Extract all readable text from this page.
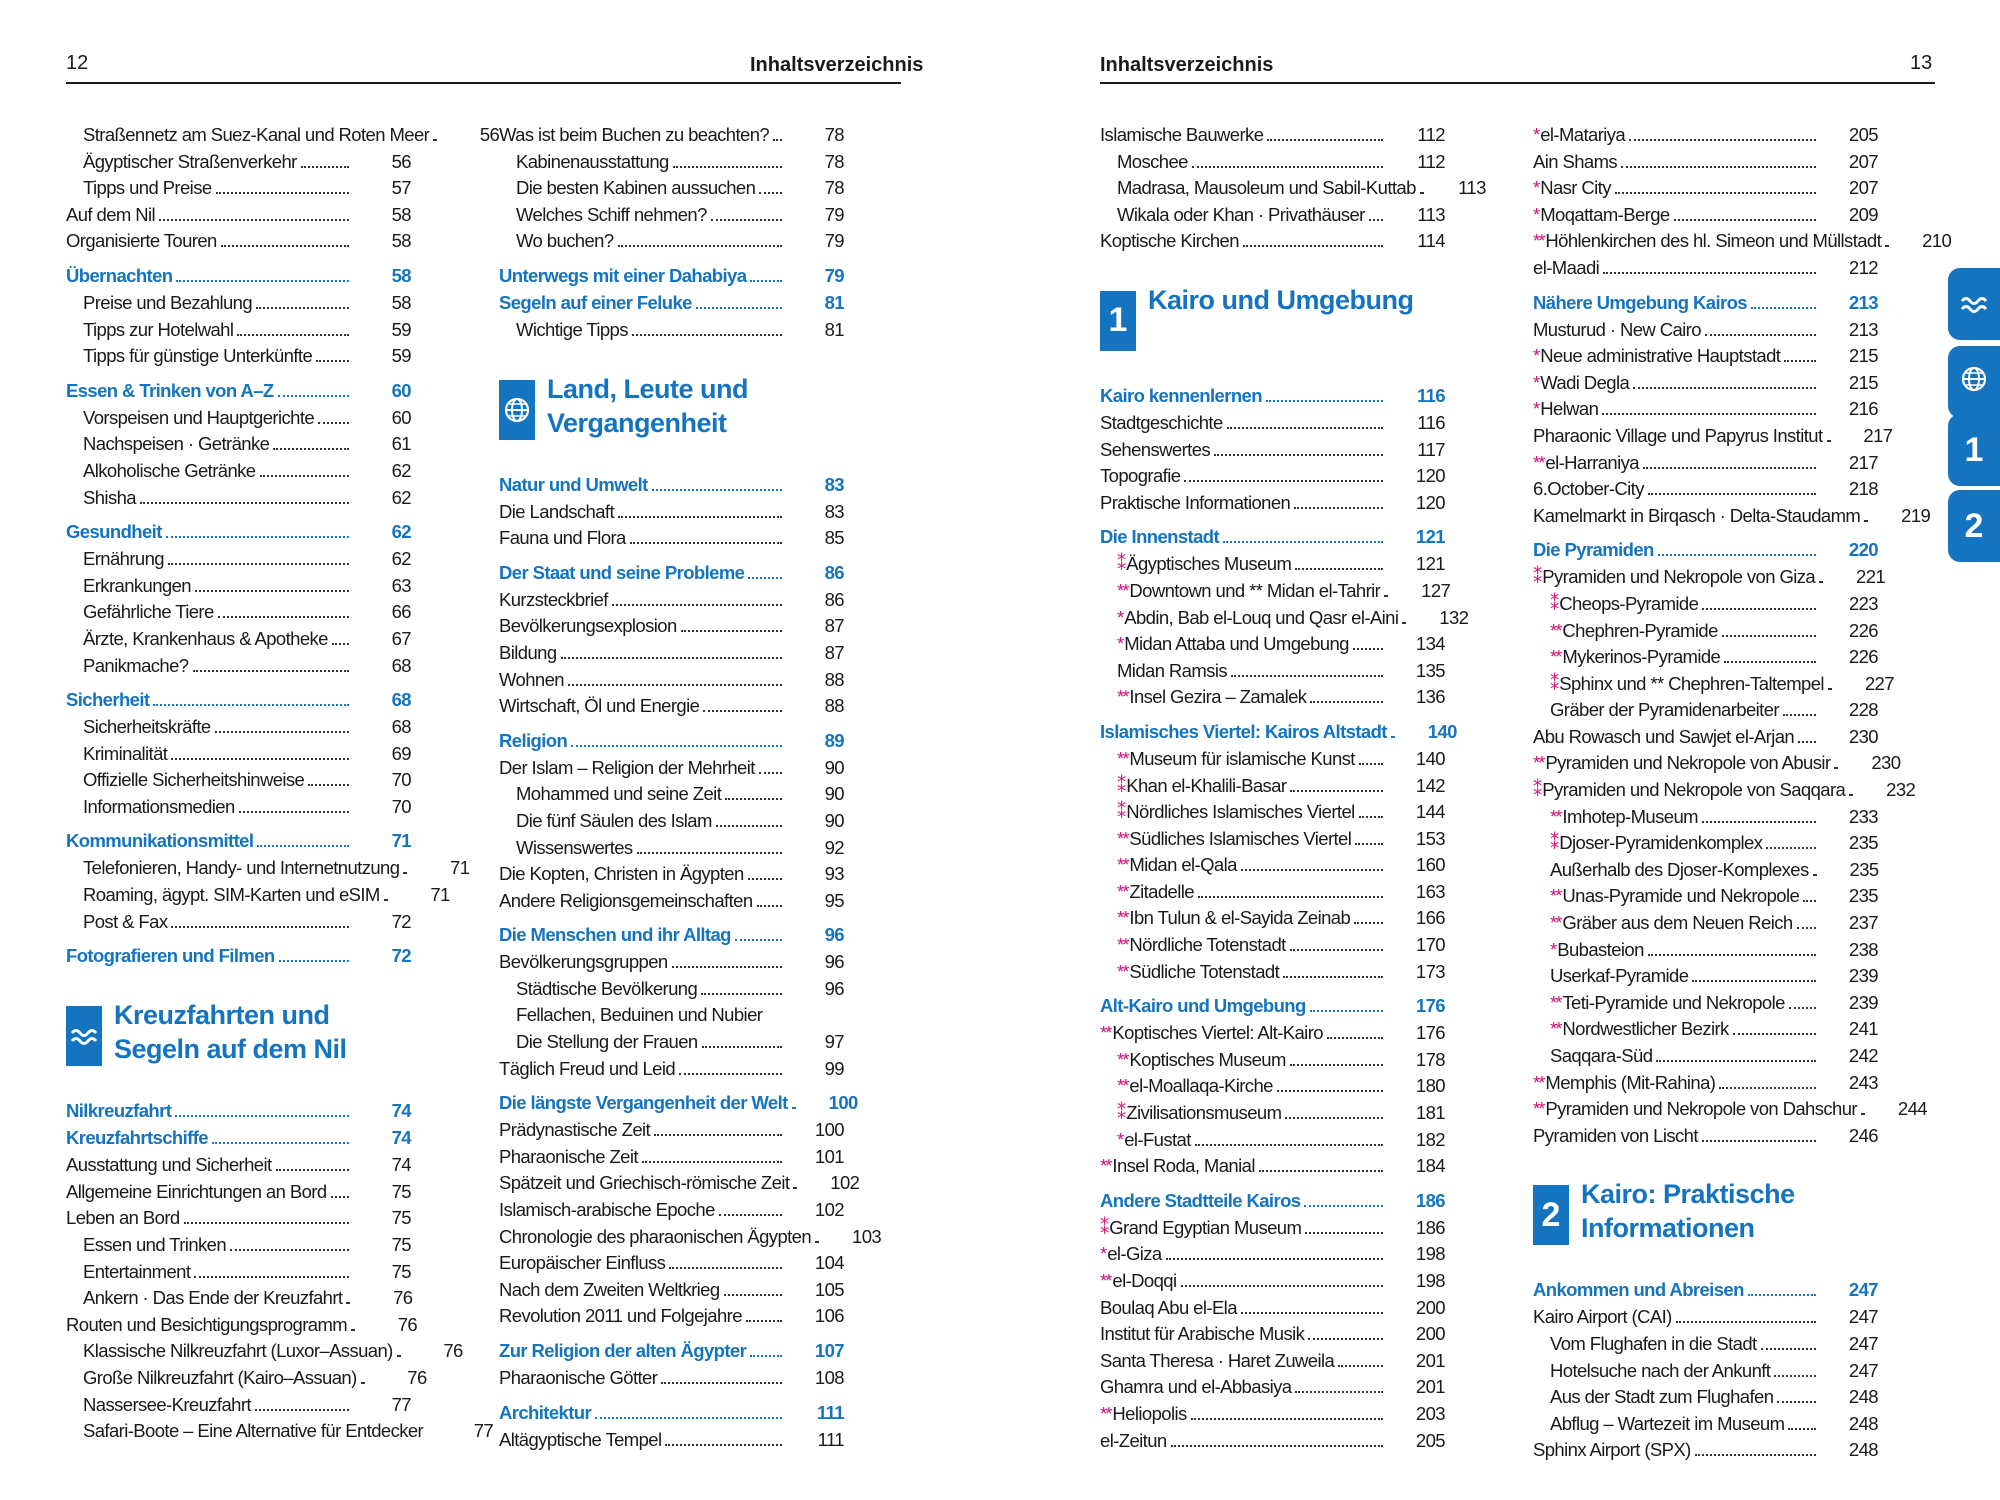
12	Inhaltsverzeichnis	Inhaltsverzeichnis	13
Straßennetz am Suez-Kanal und Roten Meer	56
Ägyptischer Straßenverkehr	56
Tipps und Preise	57
Auf dem Nil	58
Organisierte Touren	58
Übernachten	58
Preise und Bezahlung	58
Tipps zur Hotelwahl	59
Tipps für günstige Unterkünfte	59
Essen & Trinken von A–Z	60
Vorspeisen und Hauptgerichte	60
Nachspeisen · Getränke	61
Alkoholische Getränke	62
Shisha	62
Gesundheit	62
Ernährung	62
Erkrankungen	63
Gefährliche Tiere	66
Ärzte, Krankenhaus & Apotheke	67
Panikmache?	68
Sicherheit	68
Sicherheitskräfte	68
Kriminalität	69
Offizielle Sicherheitshinweise	70
Informationsmedien	70
Kommunikationsmittel	71
Telefonieren, Handy- und Internetnutzung	71
Roaming, ägypt. SIM-Karten und eSIM	71
Post & Fax	72
Fotografieren und Filmen	72
Kreuzfahrten und Segeln auf dem Nil
Nilkreuzfahrt	74
Kreuzfahrtschiffe	74
Ausstattung und Sicherheit	74
Allgemeine Einrichtungen an Bord	75
Leben an Bord	75
Essen und Trinken	75
Entertainment	75
Ankern · Das Ende der Kreuzfahrt	76
Routen und Besichtigungsprogramm	76
Klassische Nilkreuzfahrt (Luxor–Assuan)	76
Große Nilkreuzfahrt (Kairo–Assuan)	76
Nassersee-Kreuzfahrt	77
Safari-Boote – Eine Alternative für Entdecker	77
Was ist beim Buchen zu beachten?	78
Kabinenausstattung	78
Die besten Kabinen aussuchen	78
Welches Schiff nehmen?	79
Wo buchen?	79
Unterwegs mit einer Dahabiya	79
Segeln auf einer Feluke	81
Wichtige Tipps	81
Land, Leute und Vergangenheit
Natur und Umwelt	83
Die Landschaft	83
Fauna und Flora	85
Der Staat und seine Probleme	86
Kurzsteckbrief	86
Bevölkerungsexplosion	87
Bildung	87
Wohnen	88
Wirtschaft, Öl und Energie	88
Religion	89
Der Islam – Religion der Mehrheit	90
Mohammed und seine Zeit	90
Die fünf Säulen des Islam	90
Wissenswertes	92
Die Kopten, Christen in Ägypten	93
Andere Religionsgemeinschaften	95
Die Menschen und ihr Alltag	96
Bevölkerungsgruppen	96
Städtische Bevölkerung	96
Fellachen, Beduinen und Nubier
Die Stellung der Frauen	97
Täglich Freud und Leid	99
Die längste Vergangenheit der Welt	100
Prädynastische Zeit	100
Pharaonische Zeit	101
Spätzeit und Griechisch-römische Zeit	102
Islamisch-arabische Epoche	102
Chronologie des pharaonischen Ägypten	103
Europäischer Einfluss	104
Nach dem Zweiten Weltkrieg	105
Revolution 2011 und Folgejahre	106
Zur Religion der alten Ägypter	107
Pharaonische Götter	108
Architektur	111
Altägyptische Tempel	111
Islamische Bauwerke	112
Moschee	112
Madrasa, Mausoleum und Sabil-Kuttab	113
Wikala oder Khan · Privathäuser	113
Koptische Kirchen	114
1
Kairo und Umgebung
Kairo kennenlernen	116
Stadtgeschichte	116
Sehenswertes	117
Topografie	120
Praktische Informationen	120
Die Innenstadt	121
⁑ Ägyptisches Museum	121
** Downtown und ** Midan el-Tahrir	127
* Abdin, Bab el-Louq und Qasr el-Aini	132
* Midan Attaba und Umgebung	134
Midan Ramsis	135
** Insel Gezira – Zamalek	136
Islamisches Viertel: Kairos Altstadt	140
** Museum für islamische Kunst	140
⁑ Khan el-Khalili-Basar	142
⁑ Nördliches Islamisches Viertel	144
** Südliches Islamisches Viertel	153
** Midan el-Qala	160
** Zitadelle	163
** Ibn Tulun & el-Sayida Zeinab	166
** Nördliche Totenstadt	170
** Südliche Totenstadt	173
Alt-Kairo und Umgebung	176
** Koptisches Viertel: Alt-Kairo	176
** Koptisches Museum	178
** el-Moallaqa-Kirche	180
⁑ Zivilisationsmuseum	181
* el-Fustat	182
** Insel Roda, Manial	184
Andere Stadtteile Kairos	186
⁑ Grand Egyptian Museum	186
* el-Giza	198
** el-Doqqi	198
Boulaq Abu el-Ela	200
Institut für Arabische Musik	200
Santa Theresa · Haret Zuweila	201
Ghamra und el-Abbasiya	201
** Heliopolis	203
el-Zeitun	205
* el-Matariya	205
Ain Shams	207
* Nasr City	207
* Moqattam-Berge	209
** Höhlenkirchen des hl. Simeon und Müllstadt	210
el-Maadi	212
Nähere Umgebung Kairos	213
Musturud · New Cairo	213
* Neue administrative Hauptstadt	215
* Wadi Degla	215
* Helwan	216
Pharaonic Village und Papyrus Institut	217
** el-Harraniya	217
6.October-City	218
Kamelmarkt in Birqasch · Delta-Staudamm	219
Die Pyramiden	220
⁑ Pyramiden und Nekropole von Giza	221
⁑ Cheops-Pyramide	223
** Chephren-Pyramide	226
** Mykerinos-Pyramide	226
⁑ Sphinx und ** Chephren-Taltempel	227
Gräber der Pyramidenarbeiter	228
Abu Rowasch und Sawjet el-Arjan	230
** Pyramiden und Nekropole von Abusir	230
⁑ Pyramiden und Nekropole von Saqqara	232
** Imhotep-Museum	233
⁑ Djoser-Pyramidenkomplex	235
Außerhalb des Djoser-Komplexes	235
** Unas-Pyramide und Nekropole	235
** Gräber aus dem Neuen Reich	237
* Bubasteion	238
Userkaf-Pyramide	239
** Teti-Pyramide und Nekropole	239
** Nordwestlicher Bezirk	241
Saqqara-Süd	242
** Memphis (Mit-Rahina)	243
** Pyramiden und Nekropole von Dahschur	244
Pyramiden von Lischt	246
2
Kairo: Praktische Informationen
Ankommen und Abreisen	247
Kairo Airport (CAI)	247
Vom Flughafen in die Stadt	247
Hotelsuche nach der Ankunft	247
Aus der Stadt zum Flughafen	248
Abflug – Wartezeit im Museum	248
Sphinx Airport (SPX)	248
1
2
